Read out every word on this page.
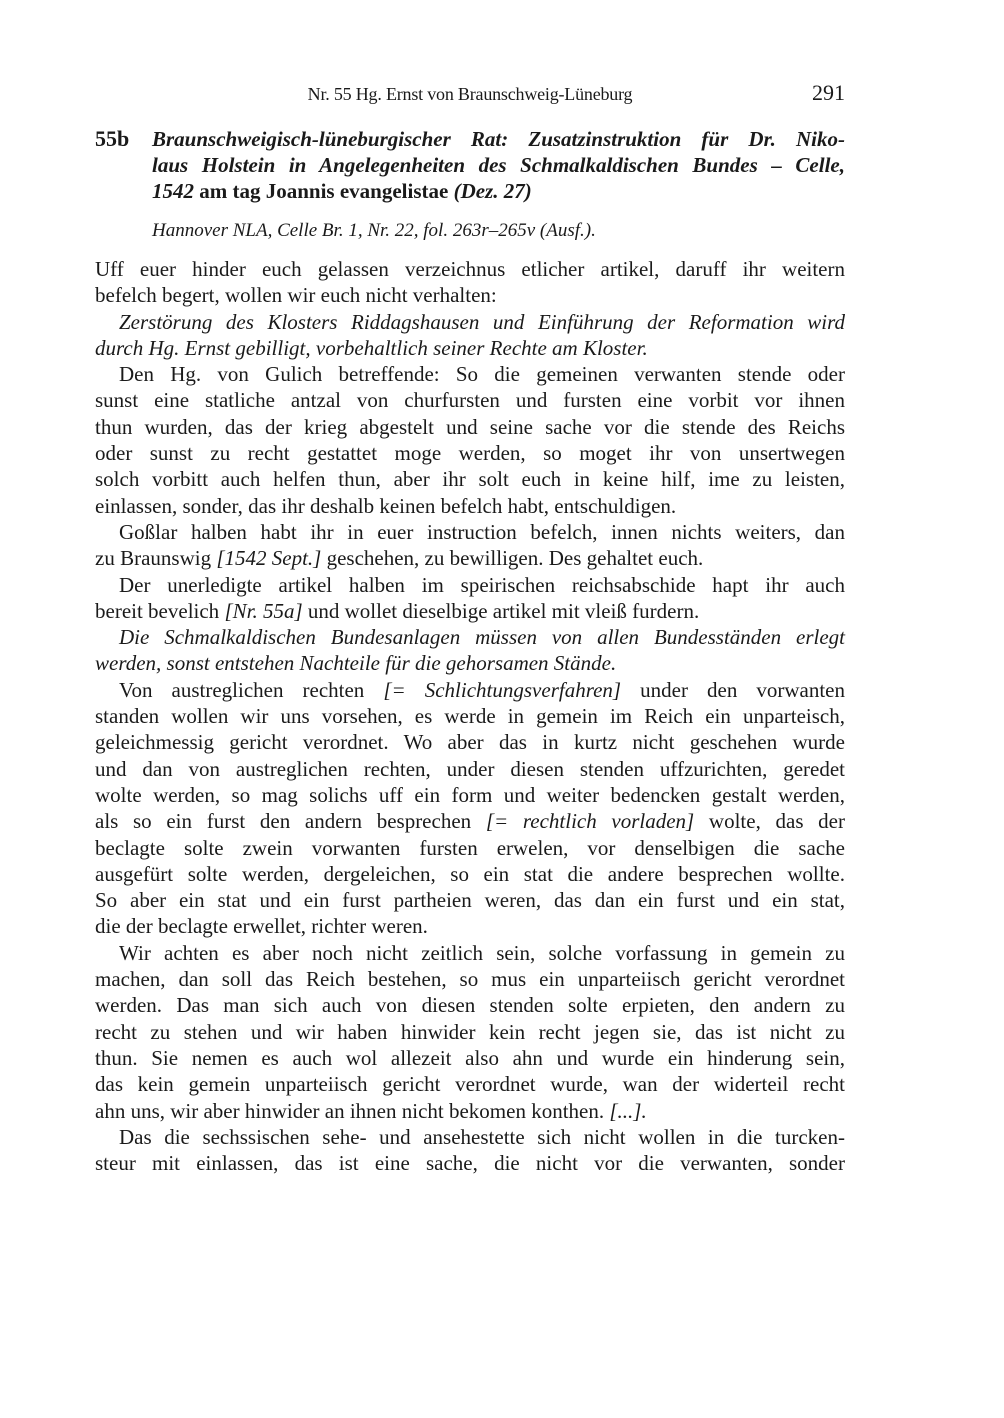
Nr. 55 Hg. Ernst von Braunschweig-Lüneburg	291
55b Braunschweigisch-lüneburgischer Rat: Zusatzinstruktion für Dr. Niko-
laus Holstein in Angelegenheiten des Schmalkaldischen Bundes – Celle,
1542 am tag Joannis evangelistae (Dez. 27)
Hannover NLA, Celle Br. 1, Nr. 22, fol. 263r–265v (Ausf.).
Uff euer hinder euch gelassen verzeichnus etlicher artikel, daruff ihr weitern
befelch begert, wollen wir euch nicht verhalten:
Zerstörung des Klosters Riddagshausen und Einführung der Reformation wird
durch Hg. Ernst gebilligt, vorbehaltlich seiner Rechte am Kloster.
Den Hg. von Gulich betreffende: So die gemeinen verwanten stende oder
sunst eine statliche antzal von churfursten und fursten eine vorbit vor ihnen
thun wurden, das der krieg abgestelt und seine sache vor die stende des Reichs
oder sunst zu recht gestattet moge werden, so moget ihr von unsertwegen
solch vorbitt auch helfen thun, aber ihr solt euch in keine hilf, ime zu leisten,
einlassen, sonder, das ihr deshalb keinen befelch habt, entschuldigen.
Goßlar halben habt ihr in euer instruction befelch, innen nichts weiters, dan
zu Braunswig [1542 Sept.] geschehen, zu bewilligen. Des gehaltet euch.
Der unerledigte artikel halben im speirischen reichsabschide hapt ihr auch
bereit bevelich [Nr. 55a] und wollet dieselbige artikel mit vleiß furdern.
Die Schmalkaldischen Bundesanlagen müssen von allen Bundesständen erlegt
werden, sonst entstehen Nachteile für die gehorsamen Stände.
Von austreglichen rechten [= Schlichtungsverfahren] under den vorwanten
standen wollen wir uns vorsehen, es werde in gemein im Reich ein unparteisch,
geleichmessig gericht verordnet. Wo aber das in kurtz nicht geschehen wurde
und dan von austreglichen rechten, under diesen stenden uffzurichten, geredet
wolte werden, so mag solichs uff ein form und weiter bedencken gestalt werden,
als so ein furst den andern besprechen [= rechtlich vorladen] wolte, das der
beclagte solte zwein vorwanten fursten erwelen, vor denselbigen die sache
ausgefürt solte werden, dergeleichen, so ein stat die andere besprechen wollte.
So aber ein stat und ein furst partheien weren, das dan ein furst und ein stat,
die der beclagte erwellet, richter weren.
Wir achten es aber noch nicht zeitlich sein, solche vorfassung in gemein zu
machen, dan soll das Reich bestehen, so mus ein unparteiisch gericht verordnet
werden. Das man sich auch von diesen stenden solte erpieten, den andern zu
recht zu stehen und wir haben hinwider kein recht jegen sie, das ist nicht zu
thun. Sie nemen es auch wol allezeit also ahn und wurde ein hinderung sein,
das kein gemein unparteiisch gericht verordnet wurde, wan der widerteil recht
ahn uns, wir aber hinwider an ihnen nicht bekomen konthen. [...].
Das die sechssischen sehe- und ansehestette sich nicht wollen in die turcken-
steur mit einlassen, das ist eine sache, die nicht vor die verwanten, sonder
